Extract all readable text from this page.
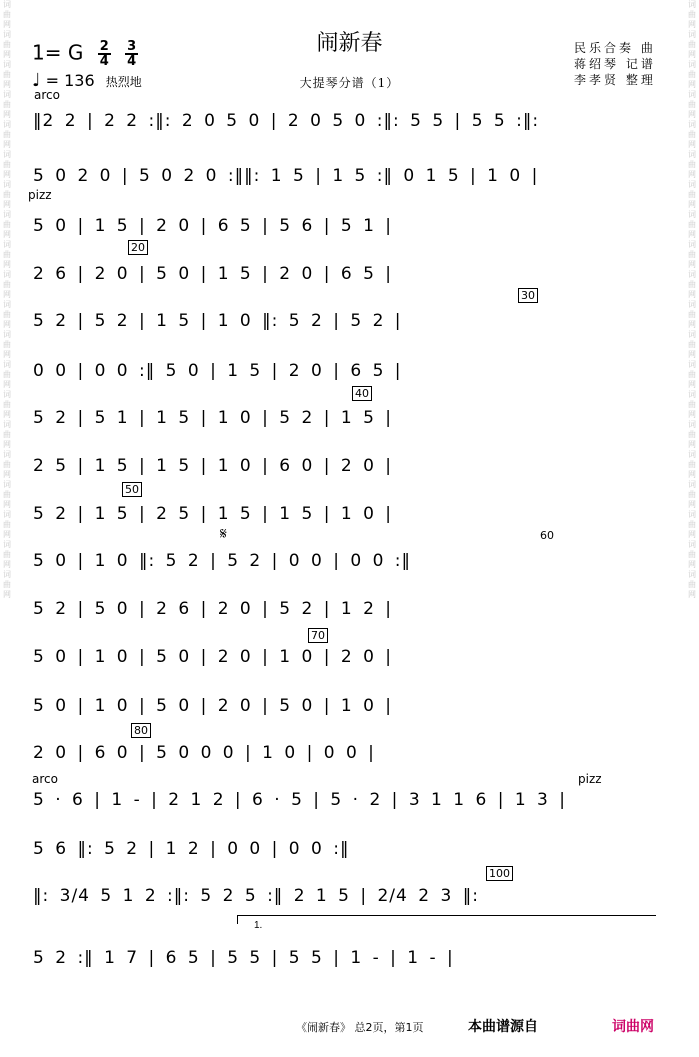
词曲网词曲网词曲网词曲网词曲网词曲网词曲网词曲网词曲网词曲网词曲网词曲网词曲网词曲网词曲网词曲网词曲网词曲网词曲网词曲网
词曲网词曲网词曲网词曲网词曲网词曲网词曲网词曲网词曲网词曲网词曲网词曲网词曲网词曲网词曲网词曲网词曲网词曲网词曲网词曲网
闹新春
大提琴分谱（1）
民乐合奏 曲
蒋绍琴 记谱
李孝贤 整理
1= G $\frac{2}{4}$
$\frac{3}{4}$
♩ = 136 热烈地
arco
pizz
arco	pizz
𝄋
20
30
40
50
60
70
80
100
1.
‖2 2 | 2 2 :‖: 2 0 5 0 | 2 0 5 0 :‖: 5 5 | 5 5 :‖:
5 0 2 0 | 5 0 2 0 :‖‖: 1 5 | 1 5 :‖ 0 1 5 | 1 0 |
5 0 | 1 5 | 2 0 | 6 5 | 5 6 | 5 1 |
2 6 | 2 0 | 5 0 | 1 5 | 2 0 | 6 5 |
5 2 | 5 2 | 1 5 | 1 0 ‖: 5 2 | 5 2 |
0 0 | 0 0 :‖ 5 0 | 1 5 | 2 0 | 6 5 |
5 2 | 5 1 | 1 5 | 1 0 | 5 2 | 1 5 |
2 5 | 1 5 | 1 5 | 1 0 | 6 0 | 2 0 |
5 2 | 1 5 | 2 5 | 1 5 | 1 5 | 1 0 |
5 0 | 1 0 ‖: 5 2 | 5 2 | 0 0 | 0 0 :‖
5 2 | 5 0 | 2 6 | 2 0 | 5 2 | 1 2 |
5 0 | 1 0 | 5 0 | 2 0 | 1 0 | 2 0 |
5 0 | 1 0 | 5 0 | 2 0 | 5 0 | 1 0 |
2 0 | 6 0 | 5 0 0 0 | 1 0 | 0 0 |
5 · 6 | 1 - | 2 1 2 | 6 · 5 | 5 · 2 | 3 1 1 6 | 1 3 |
5 6 ‖: 5 2 | 1 2 | 0 0 | 0 0 :‖
‖: 3/4 5 1 2 :‖: 5 2 5 :‖ 2 1 5 | 2/4 2 3 ‖:
5 2 :‖ 1 7 | 6 5 | 5 5 | 5 5 | 1 - | 1 - |
《闹新春》 总2页，第1页	本曲谱源自	词曲网
